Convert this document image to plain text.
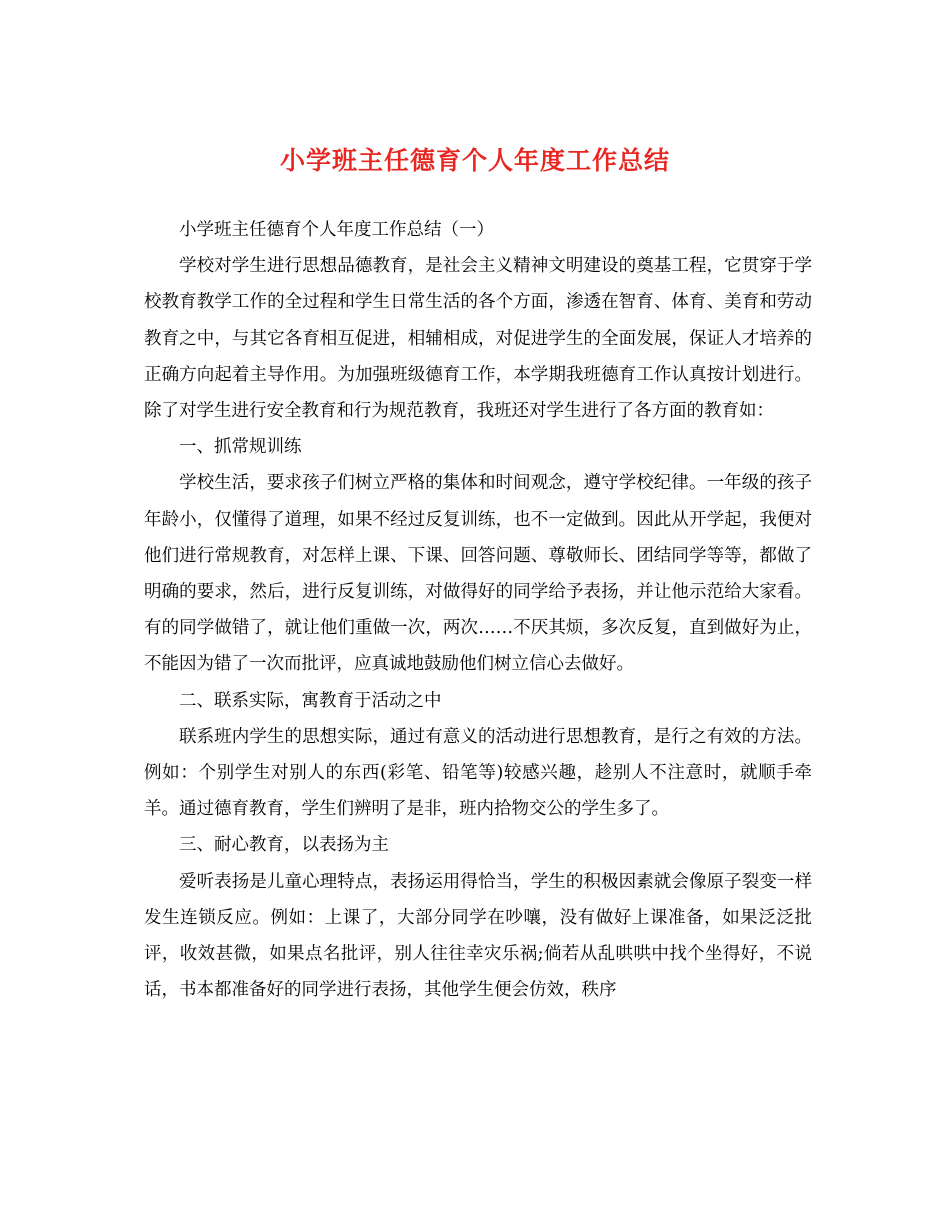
小学班主任德育个人年度工作总结

小学班主任德育个人年度工作总结（一）

学校对学生进行思想品德教育，是社会主义精神文明建设的奠基工程，它贯穿于学校教育教学工作的全过程和学生日常生活的各个方面，渗透在智育、体育、美育和劳动教育之中，与其它各育相互促进，相辅相成，对促进学生的全面发展，保证人才培养的正确方向起着主导作用。为加强班级德育工作，本学期我班德育工作认真按计划进行。除了对学生进行安全教育和行为规范教育，我班还对学生进行了各方面的教育如：

一、抓常规训练

学校生活，要求孩子们树立严格的集体和时间观念，遵守学校纪律。一年级的孩子年龄小，仅懂得了道理，如果不经过反复训练，也不一定做到。因此从开学起，我便对他们进行常规教育，对怎样上课、下课、回答问题、尊敬师长、团结同学等等，都做了明确的要求，然后，进行反复训练，对做得好的同学给予表扬，并让他示范给大家看。有的同学做错了，就让他们重做一次，两次……不厌其烦，多次反复，直到做好为止，不能因为错了一次而批评，应真诚地鼓励他们树立信心去做好。

二、联系实际，寓教育于活动之中

联系班内学生的思想实际，通过有意义的活动进行思想教育，是行之有效的方法。例如：个别学生对别人的东西(彩笔、铅笔等)较感兴趣，趁别人不注意时，就顺手牵羊。通过德育教育，学生们辨明了是非，班内拾物交公的学生多了。

三、耐心教育，以表扬为主

爱听表扬是儿童心理特点，表扬运用得恰当，学生的积极因素就会像原子裂变一样发生连锁反应。例如：上课了，大部分同学在吵嚷，没有做好上课准备，如果泛泛批评，收效甚微，如果点名批评，别人往往幸灾乐祸;倘若从乱哄哄中找个坐得好，不说话，书本都准备好的同学进行表扬，其他学生便会仿效，秩序
